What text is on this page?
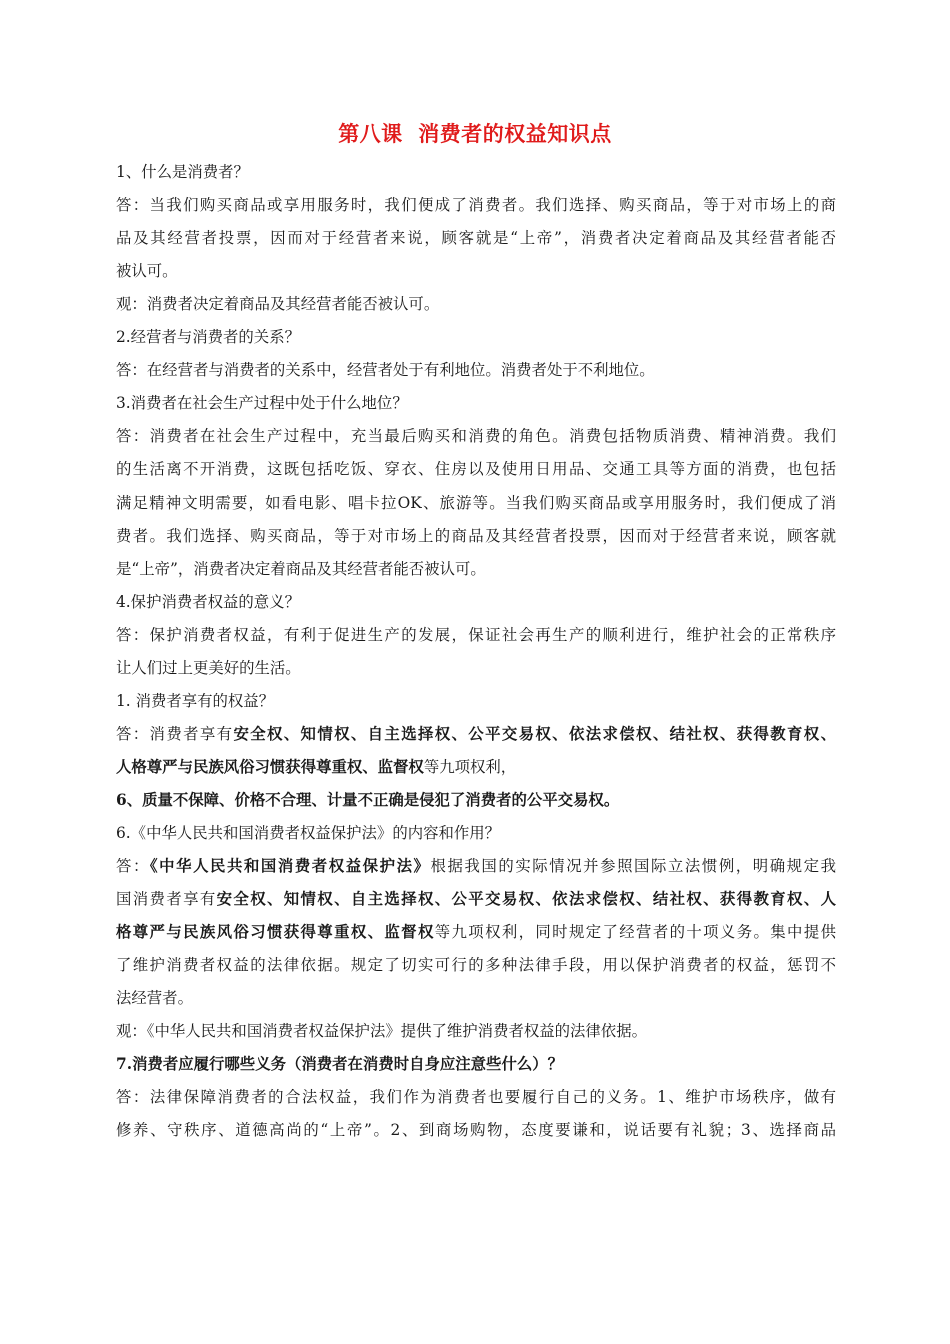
第八课  消费者的权益知识点
1、什么是消费者？
答：当我们购买商品或享用服务时，我们便成了消费者。我们选择、购买商品，等于对市场上的商
品及其经营者投票，因而对于经营者来说，顾客就是“上帝”，消费者决定着商品及其经营者能否
被认可。
观：消费者决定着商品及其经营者能否被认可。
2.经营者与消费者的关系？
答：在经营者与消费者的关系中，经营者处于有利地位。消费者处于不利地位。
3.消费者在社会生产过程中处于什么地位？
答：消费者在社会生产过程中，充当最后购买和消费的角色。消费包括物质消费、精神消费。我们
的生活离不开消费，这既包括吃饭、穿衣、住房以及使用日用品、交通工具等方面的消费，也包括
满足精神文明需要，如看电影、唱卡拉OK、旅游等。当我们购买商品或享用服务时，我们便成了消
费者。我们选择、购买商品，等于对市场上的商品及其经营者投票，因而对于经营者来说，顾客就
是“上帝”，消费者决定着商品及其经营者能否被认可。
4.保护消费者权益的意义？
答：保护消费者权益，有利于促进生产的发展，保证社会再生产的顺利进行，维护社会的正常秩序
让人们过上更美好的生活。
1. 消费者享有的权益？
答：消费者享有安全权、知情权、自主选择权、公平交易权、依法求偿权、结社权、获得教育权、
人格尊严与民族风俗习惯获得尊重权、监督权等九项权利，
6、质量不保障、价格不合理、计量不正确是侵犯了消费者的公平交易权。
6.《中华人民共和国消费者权益保护法》的内容和作用？
答：《中华人民共和国消费者权益保护法》根据我国的实际情况并参照国际立法惯例，明确规定我
国消费者享有安全权、知情权、自主选择权、公平交易权、依法求偿权、结社权、获得教育权、人
格尊严与民族风俗习惯获得尊重权、监督权等九项权利，同时规定了经营者的十项义务。集中提供
了维护消费者权益的法律依据。规定了切实可行的多种法律手段，用以保护消费者的权益，惩罚不
法经营者。
观：《中华人民共和国消费者权益保护法》提供了维护消费者权益的法律依据。
7.消费者应履行哪些义务（消费者在消费时自身应注意些什么）？
答：法律保障消费者的合法权益，我们作为消费者也要履行自己的义务。1、维护市场秩序，做有
修养、守秩序、道德高尚的“上帝”。2、到商场购物，态度要谦和，说话要有礼貌；3、选择商品
